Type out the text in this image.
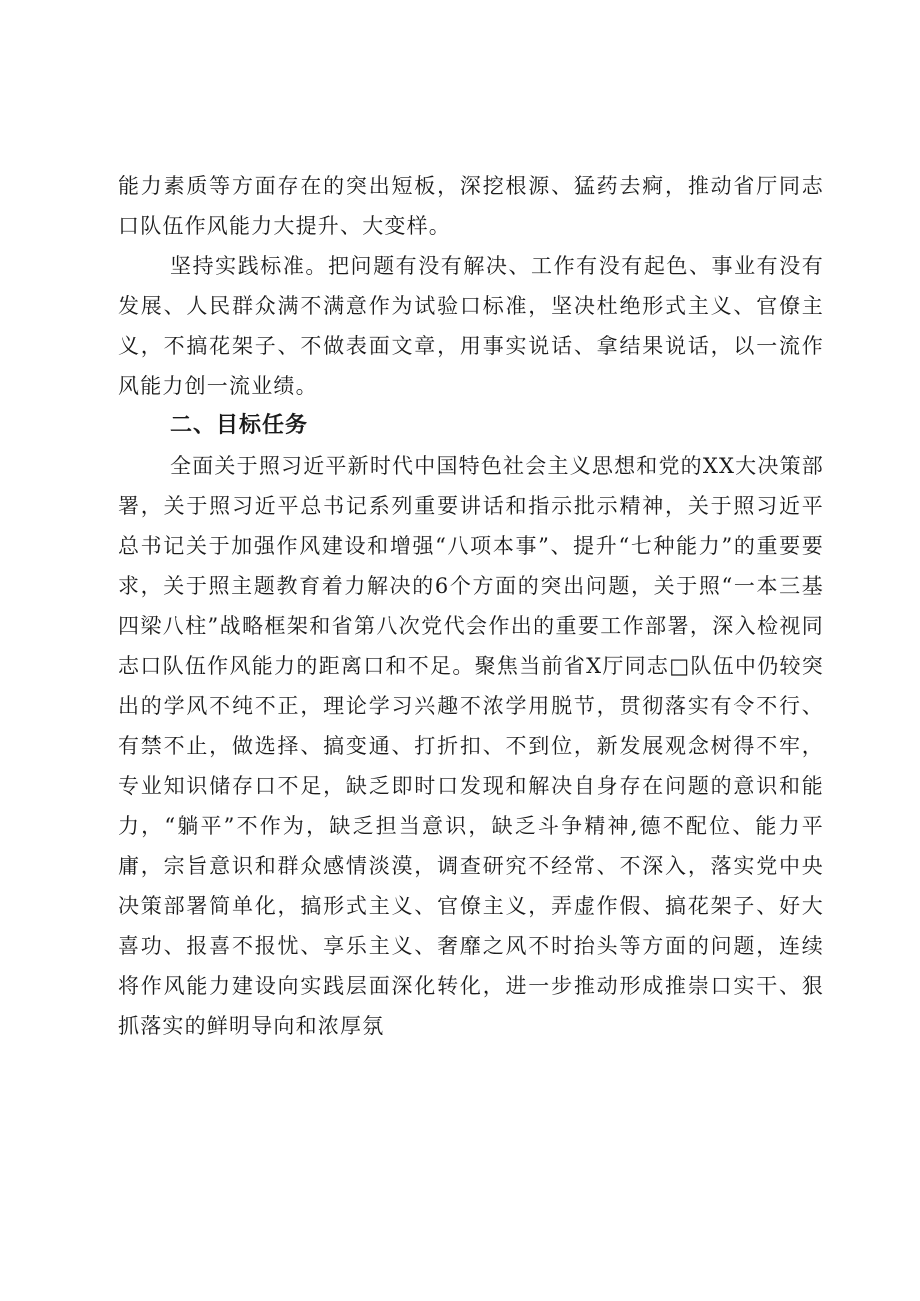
能力素质等方面存在的突出短板，深挖根源、猛药去痾，推动省厅同志口队伍作风能力大提升、大变样。

坚持实践标准。把问题有没有解决、工作有没有起色、事业有没有发展、人民群众满不满意作为试验口标准，坚决杜绝形式主义、官僚主义，不搞花架子、不做表面文章，用事实说话、拿结果说话，以一流作风能力创一流业绩。

二、目标任务

全面关于照习近平新时代中国特色社会主义思想和党的XX大决策部署，关于照习近平总书记系列重要讲话和指示批示精神，关于照习近平总书记关于加强作风建设和增强“八项本事”、提升“七种能力”的重要要求，关于照主题教育着力解决的6个方面的突出问题，关于照“一本三基四梁八柱”战略框架和省第八次党代会作出的重要工作部署，深入检视同志口队伍作风能力的距离口和不足。聚焦当前省X厅同志□队伍中仍较突出的学风不纯不正，理论学习兴趣不浓学用脱节，贯彻落实有令不行、有禁不止，做选择、搞变通、打折扣、不到位，新发展观念树得不牢，专业知识储存口不足，缺乏即时口发现和解决自身存在问题的意识和能力，“躺平”不作为，缺乏担当意识，缺乏斗争精神,德不配位、能力平庸，宗旨意识和群众感情淡漠，调查研究不经常、不深入，落实党中央决策部署简单化，搞形式主义、官僚主义，弄虚作假、搞花架子、好大喜功、报喜不报忧、享乐主义、奢靡之风不时抬头等方面的问题，连续将作风能力建设向实践层面深化转化，进一步推动形成推崇口实干、狠抓落实的鲜明导向和浓厚氛
